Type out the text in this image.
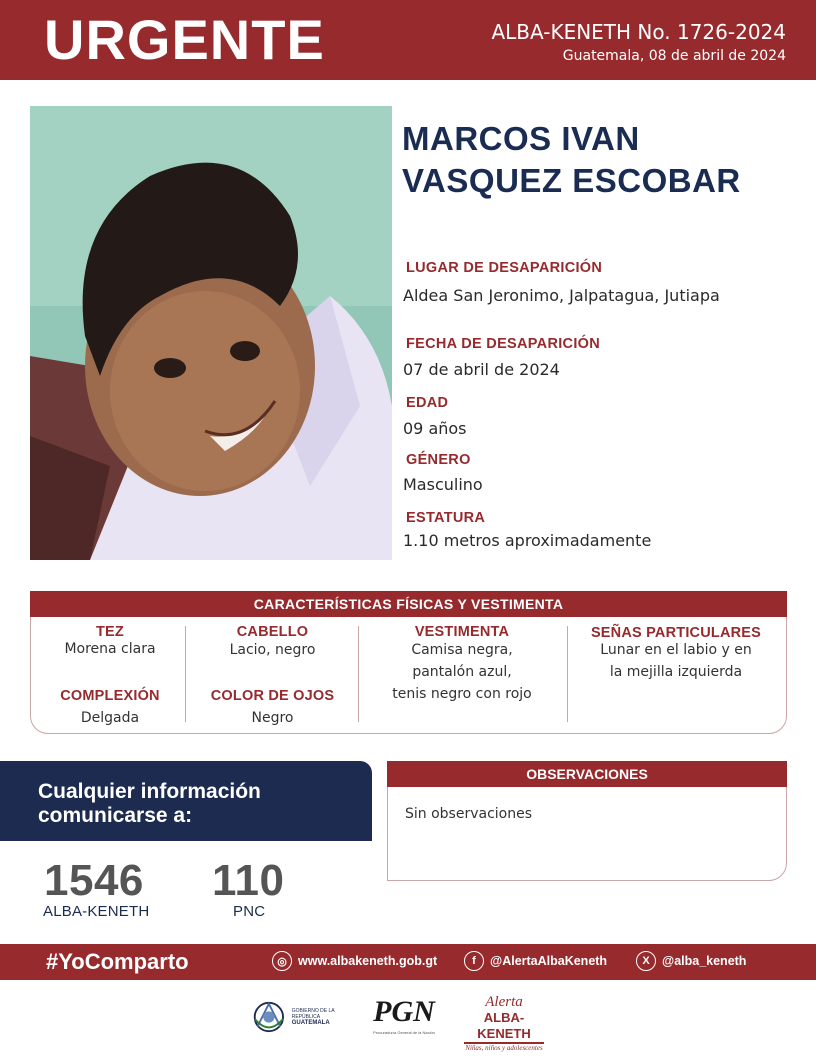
URGENTE	ALBA-KENETH No. 1726-2024
Guatemala, 08 de abril de 2024
MARCOS IVAN
VASQUEZ ESCOBAR
LUGAR DE DESAPARICIÓN
Aldea San Jeronimo, Jalpatagua, Jutiapa
FECHA DE DESAPARICIÓN
07 de abril de 2024
EDAD
09 años
GÉNERO
Masculino
ESTATURA
1.10 metros aproximadamente
CARACTERÍSTICAS FÍSICAS Y VESTIMENTA
TEZ
Morena clara
COMPLEXIÓN
Delgada
CABELLO
Lacio, negro
COLOR DE OJOS
Negro
VESTIMENTA
Camisa negra,
pantalón azul,
tenis negro con rojo
SEÑAS PARTICULARES
Lunar en el labio y en
la mejilla izquierda
Cualquier información
comunicarse a:
1546
ALBA-KENETH
110
PNC
OBSERVACIONES
Sin observaciones
#YoComparto	◎ www.albakeneth.gob.gt	f	@AlertaAlbaKeneth	X @alba_keneth
GOBIERNO DE LA REPÚBLICA
GUATEMALA	PGN
Procuraduría General de la Nación
Alerta
ALBA-KENETH
Niñas, niños y adolescentes
